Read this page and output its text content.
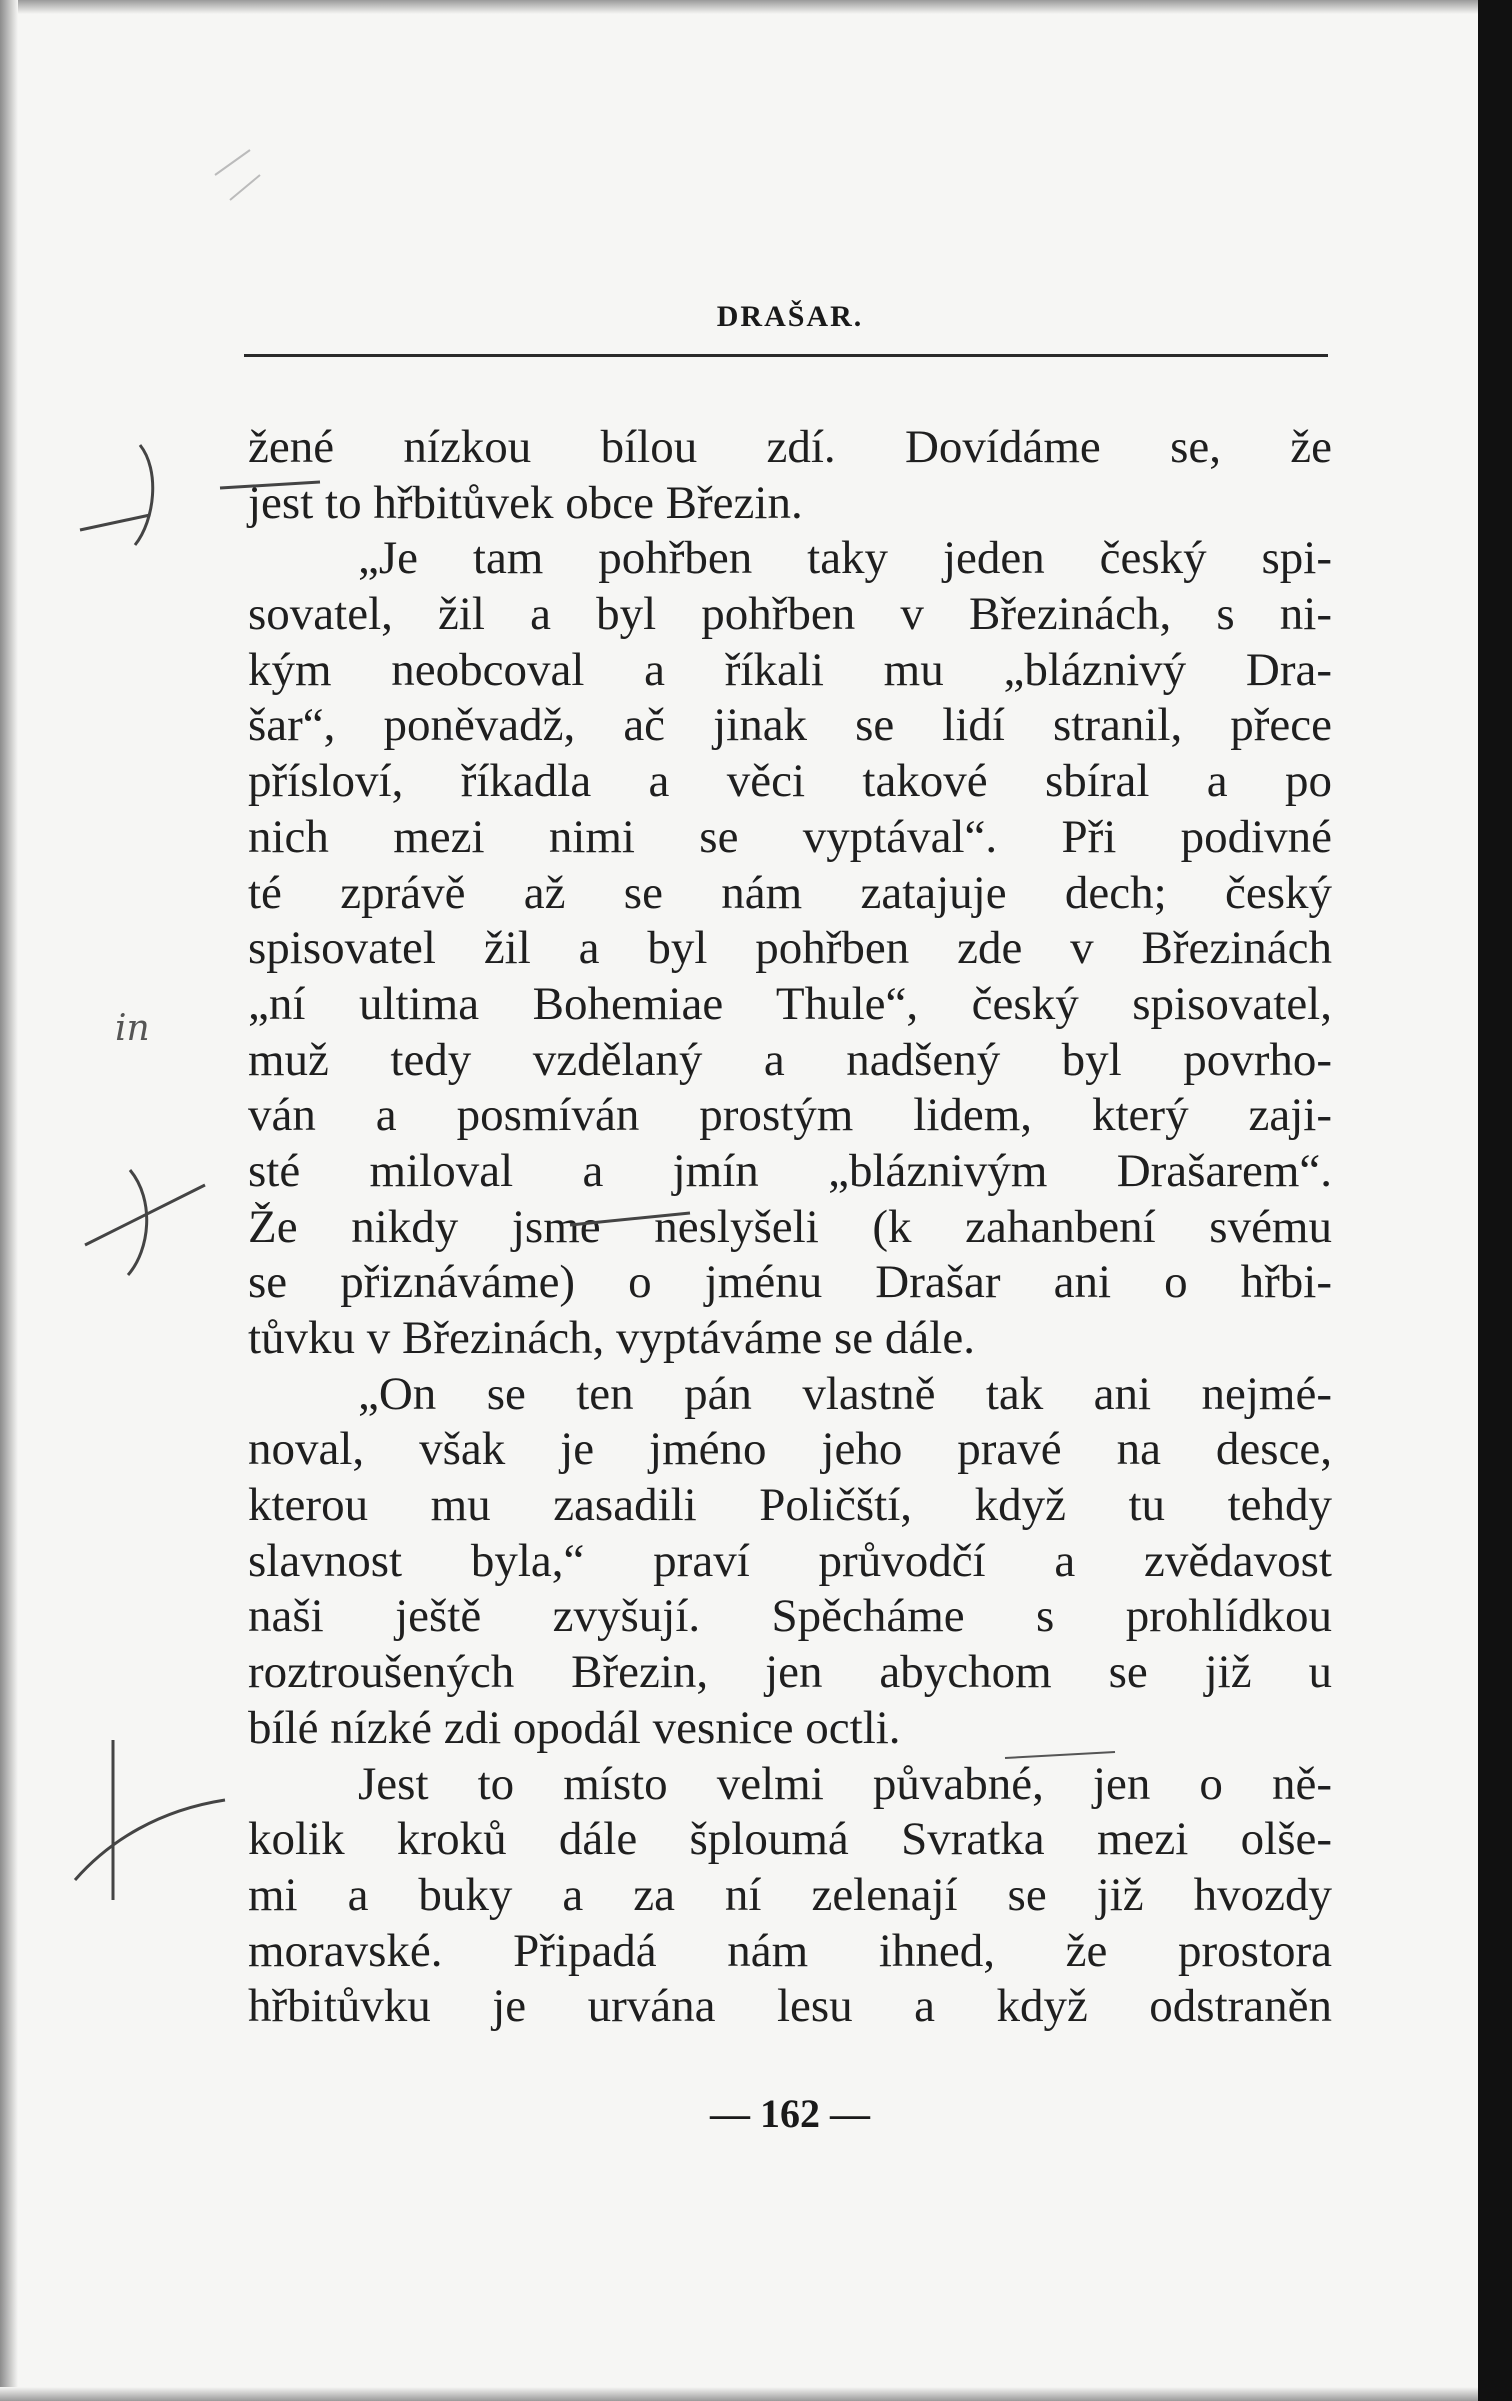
DRAŠAR.
žené nízkou bílou zdí. Dovídáme se, že
jest to hřbitůvek obce Březin.
„Je tam pohřben taky jeden český spi-
sovatel, žil a byl pohřben v Březinách, s ni-
kým neobcoval a říkali mu „bláznivý Dra-
šar“, poněvadž, ač jinak se lidí stranil, přece
přísloví, říkadla a věci takové sbíral a po
nich mezi nimi se vyptával“. Při podivné
té zprávě až se nám zatajuje dech; český
spisovatel žil a byl pohřben zde v Březinách
„ní ultima Bohemiae Thule“, český spisovatel,
muž tedy vzdělaný a nadšený byl povrho-
ván a posmíván prostým lidem, který zaji-
sté miloval a jmín „bláznivým Drašarem“.
Že nikdy jsme neslyšeli (k zahanbení svému
se přiznáváme) o jménu Drašar ani o hřbi-
tůvku v Březinách, vyptáváme se dále.
„On se ten pán vlastně tak ani nejmé-
noval, však je jméno jeho pravé na desce,
kterou mu zasadili Poličští, když tu tehdy
slavnost byla,“ praví průvodčí a zvědavost
naši ještě zvyšují. Spěcháme s prohlídkou
roztroušených Březin, jen abychom se již u
bílé nízké zdi opodál vesnice octli.
Jest to místo velmi půvabné, jen o ně-
kolik kroků dále šploumá Svratka mezi olše-
mi a buky a za ní zelenají se již hvozdy
moravské. Připadá nám ihned, že prostora
hřbitůvku je urvána lesu a když odstraněn
— 162 —
in
